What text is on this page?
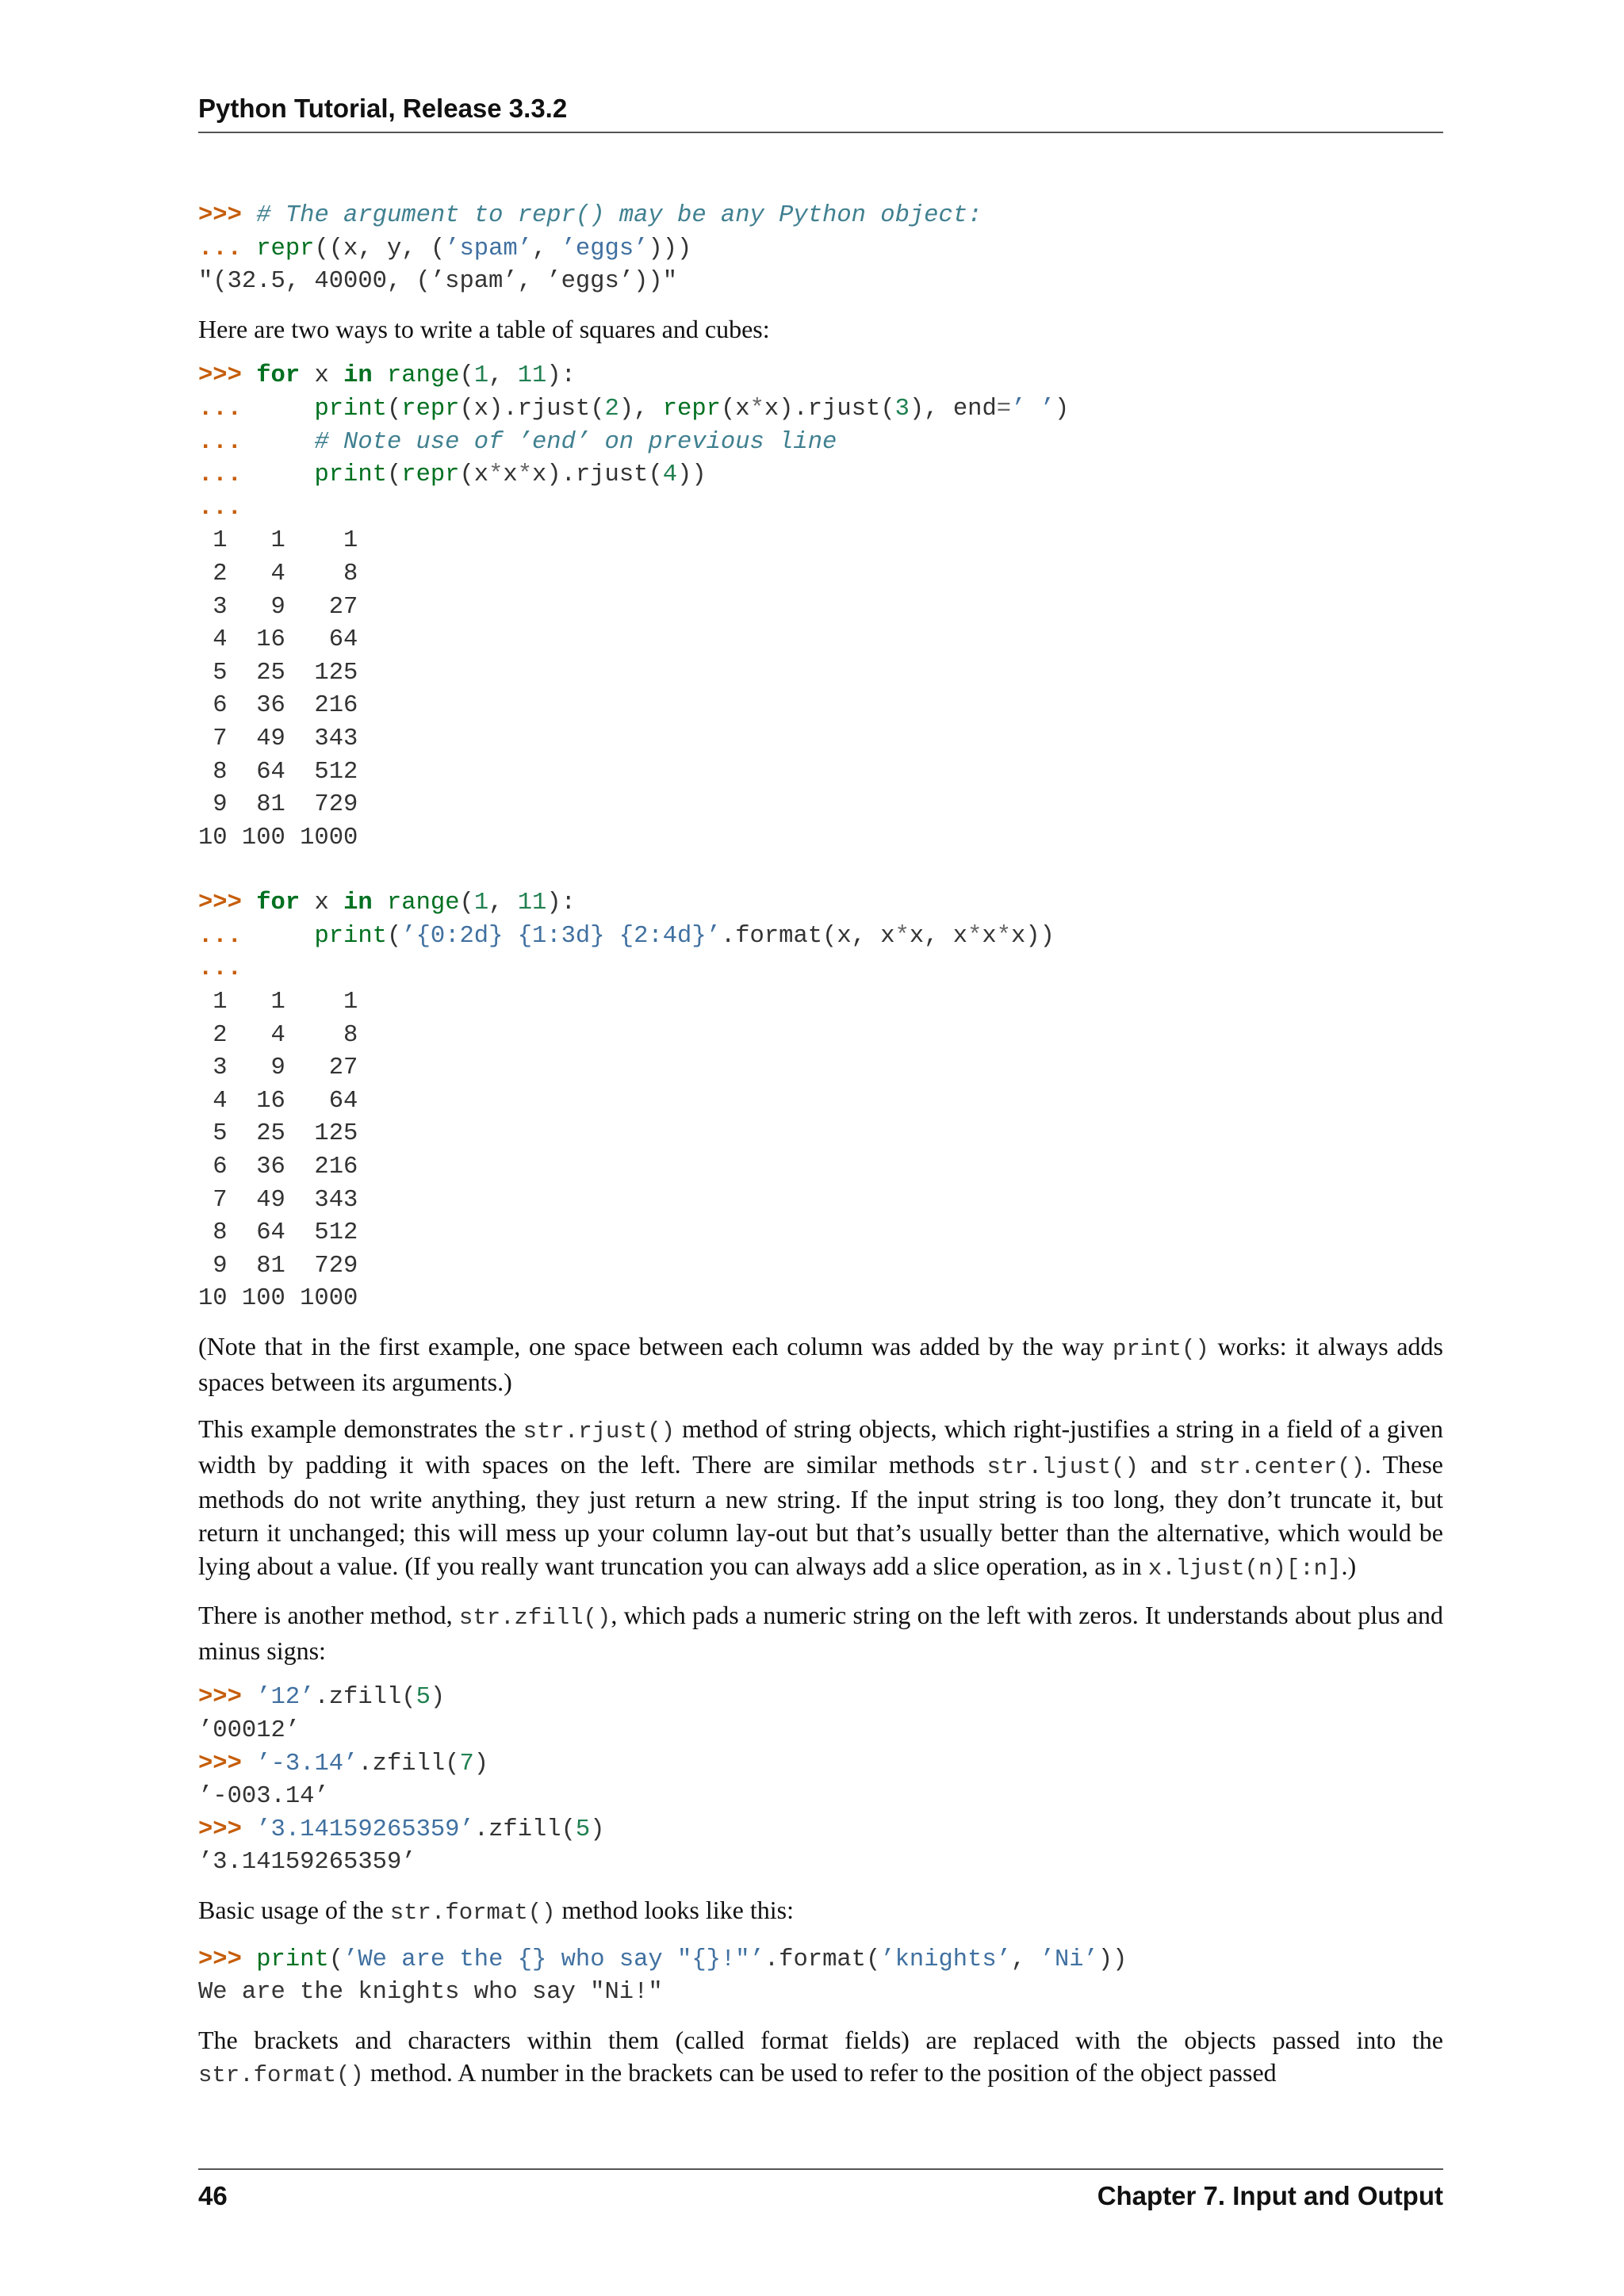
Python Tutorial, Release 3.3.2
>>> # The argument to repr() may be any Python object:
... repr((x, y, (’spam’, ’eggs’)))
"(32.5, 40000, (’spam’, ’eggs’))"

Here are two ways to write a table of squares and cubes:

>>> for x in range(1, 11):
...	print(repr(x).rjust(2), repr(x*x).rjust(3), end=’ ’)
...	# Note use of ’end’ on previous line
...	print(repr(x*x*x).rjust(4))
...
1   1    1
2   4    8
3   9   27
4  16   64
5  25  125
6  36  216
7  49  343
8  64  512
9  81  729
10 100 1000
>>> for x in range(1, 11):
...	print(’{0:2d} {1:3d} {2:4d}’.format(x, x*x, x*x*x))
...
1   1    1
2   4    8
3   9   27
4  16   64
5  25  125
6  36  216
7  49  343
8  64  512
9  81  729
10 100 1000

(Note that in the first example, one space between each column was added by the way print() works: it always adds spaces between its arguments.)

This example demonstrates the str.rjust() method of string objects, which right-justifies a string in a field of a given width by padding it with spaces on the left. There are similar methods str.ljust() and str.center(). These methods do not write anything, they just return a new string. If the input string is too long, they don’t truncate it, but return it unchanged; this will mess up your column lay-out but that’s usually better than the alternative, which would be lying about a value. (If you really want truncation you can always add a slice operation, as in x.ljust(n)[:n].)

There is another method, str.zfill(), which pads a numeric string on the left with zeros. It understands about plus and minus signs:

>>> ’12’.zfill(5)
’00012’
>>> ’-3.14’.zfill(7)
’-003.14’
>>> ’3.14159265359’.zfill(5)
’3.14159265359’

Basic usage of the str.format() method looks like this:

>>> print(’We are the {} who say "{}!"’.format(’knights’, ’Ni’))
We are the knights who say "Ni!"

The brackets and characters within them (called format fields) are replaced with the objects passed into the str.format() method. A number in the brackets can be used to refer to the position of the object passed

46	Chapter 7. Input and Output
